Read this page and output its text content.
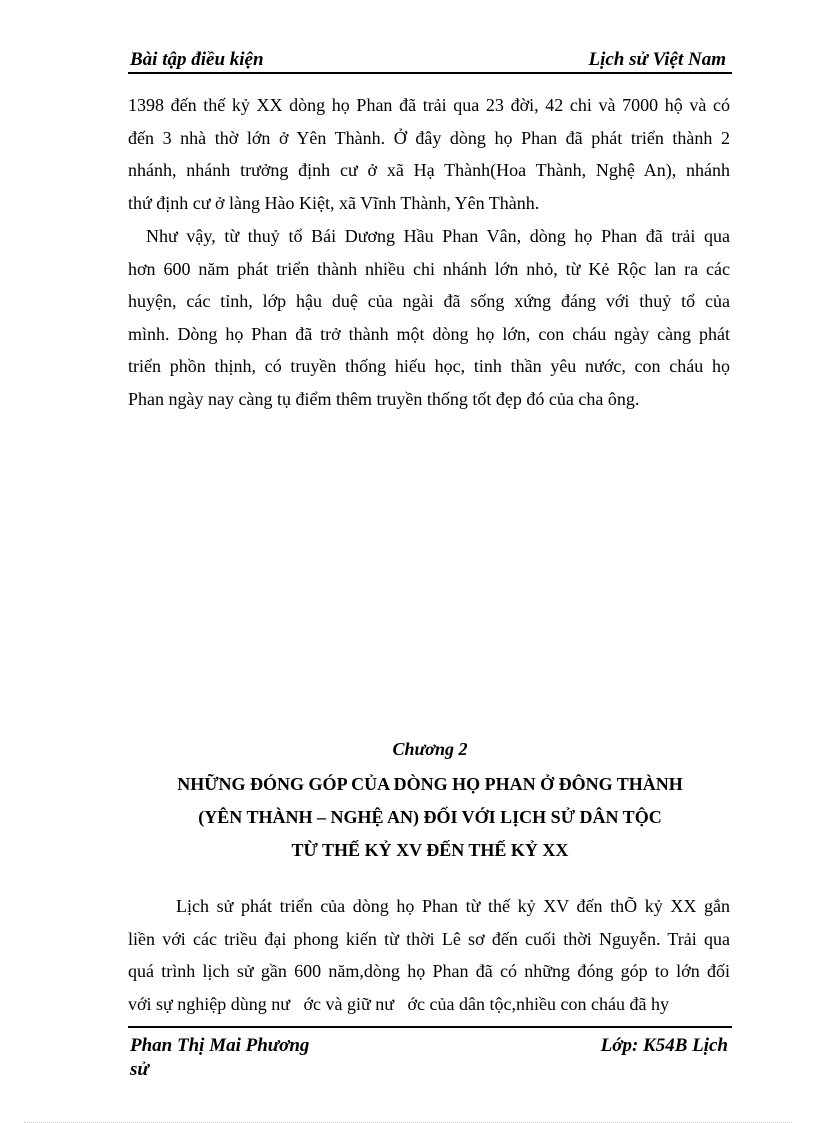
Bài tập điều kiện	Lịch sử Việt Nam
1398 đến thế kỷ XX dòng họ Phan đã trải qua 23 đời, 42 chi và 7000 hộ và có
đến 3 nhà thờ lớn ở Yên Thành. Ở đây dòng họ Phan đã phát triển thành 2
nhánh, nhánh trưởng định cư ở xã Hạ Thành(Hoa Thành, Nghệ An), nhánh
thứ định cư ở làng Hào Kiệt, xã Vĩnh Thành, Yên Thành.
Như vậy, từ thuỷ tổ Bái Dương Hầu Phan Vân, dòng họ Phan đã trải qua
hơn 600 năm phát triển thành nhiều chi nhánh lớn nhỏ, từ Kẻ Rộc lan ra các
huyện, các tỉnh, lớp hậu duệ của ngài đã sống xứng đáng với thuỷ tổ của
mình. Dòng họ Phan đã trở thành một dòng họ lớn, con cháu ngày càng phát
triển phồn thịnh, có truyền thống hiếu học, tinh thần yêu nước, con cháu họ
Phan ngày nay càng tụ điểm thêm truyền thống tốt đẹp đó của cha ông.
Chương 2
NHỮNG ĐÓNG GÓP CỦA DÒNG HỌ PHAN Ở ĐÔNG THÀNH
(YÊN THÀNH – NGHỆ AN) ĐỐI VỚI LỊCH SỬ DÂN TỘC
TỪ THẾ KỶ XV ĐẾN THẾ KỶ XX
Lịch sử phát triển của dòng họ Phan từ thế kỷ XV đến thÕ kỷ XX gắn
liền với các triều đại phong kiến từ thời Lê sơ đến cuối thời Nguyễn. Trải qua
quá trình lịch sử gần 600 năm,dòng họ Phan đã có những đóng góp to lớn đối
với sự nghiệp dùng nư   ớc và giữ nư   ớc của dân tộc,nhiều con cháu đã hy
Phan Thị Mai Phương
sử
Lớp: K54B Lịch
